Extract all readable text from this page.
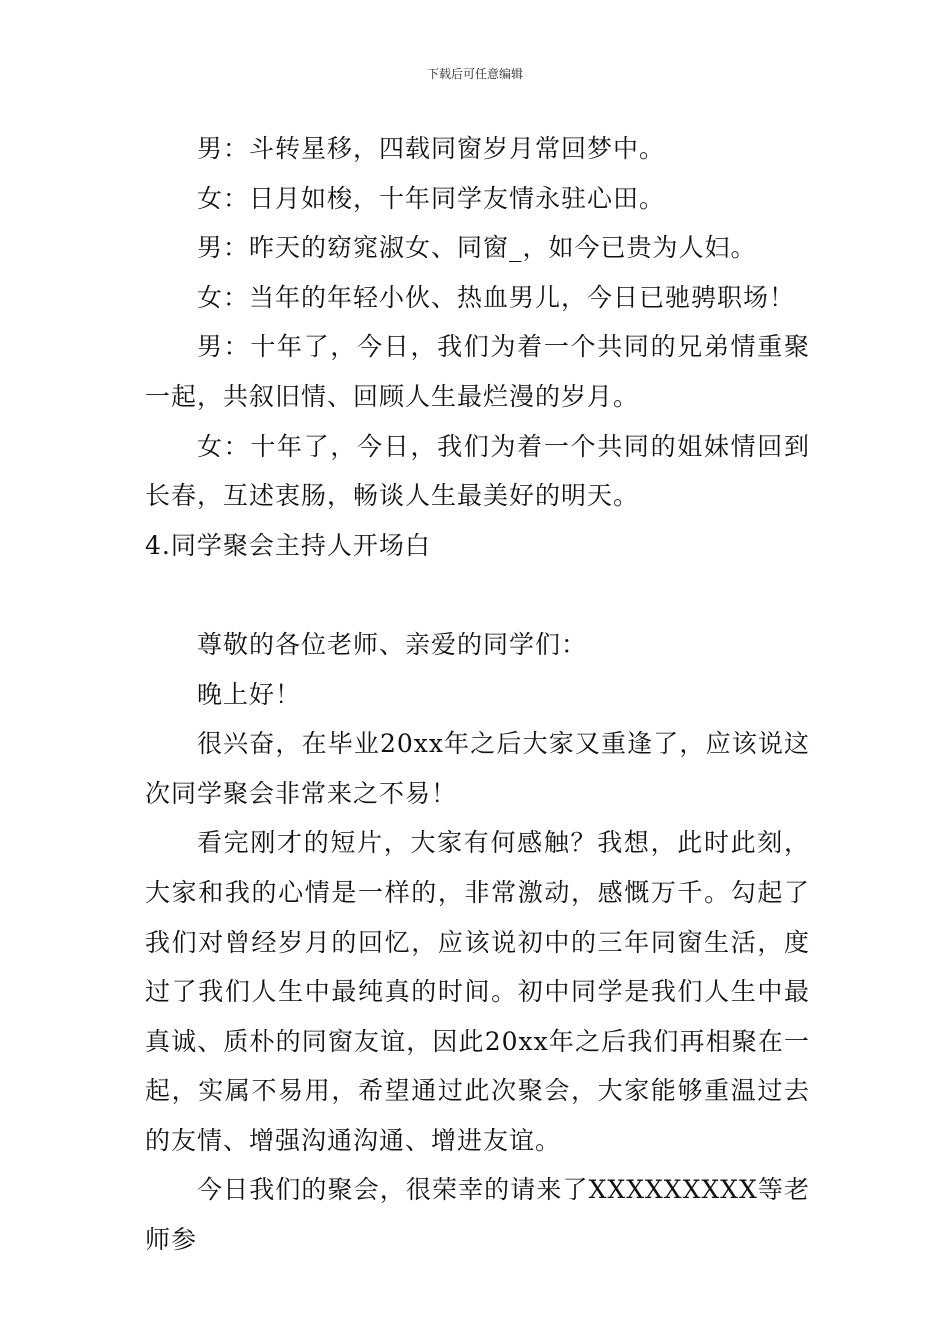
下载后可任意编辑

男：斗转星移，四载同窗岁月常回梦中。

女：日月如梭，十年同学友情永驻心田。

男：昨天的窈窕淑女、同窗_，如今已贵为人妇。

女：当年的年轻小伙、热血男儿，今日已驰骋职场！

男：十年了，今日，我们为着一个共同的兄弟情重聚一起，共叙旧情、回顾人生最烂漫的岁月。

女：十年了，今日，我们为着一个共同的姐妹情回到长春，互述衷肠，畅谈人生最美好的明天。

4.同学聚会主持人开场白

尊敬的各位老师、亲爱的同学们：

晚上好！

很兴奋，在毕业20xx年之后大家又重逢了，应该说这次同学聚会非常来之不易！

看完刚才的短片，大家有何感触？我想，此时此刻，大家和我的心情是一样的，非常激动，感慨万千。勾起了我们对曾经岁月的回忆，应该说初中的三年同窗生活，度过了我们人生中最纯真的时间。初中同学是我们人生中最真诚、质朴的同窗友谊，因此20xx年之后我们再相聚在一起，实属不易用，希望通过此次聚会，大家能够重温过去的友情、增强沟通沟通、增进友谊。

今日我们的聚会，很荣幸的请来了XXXXXXXXX等老师参
